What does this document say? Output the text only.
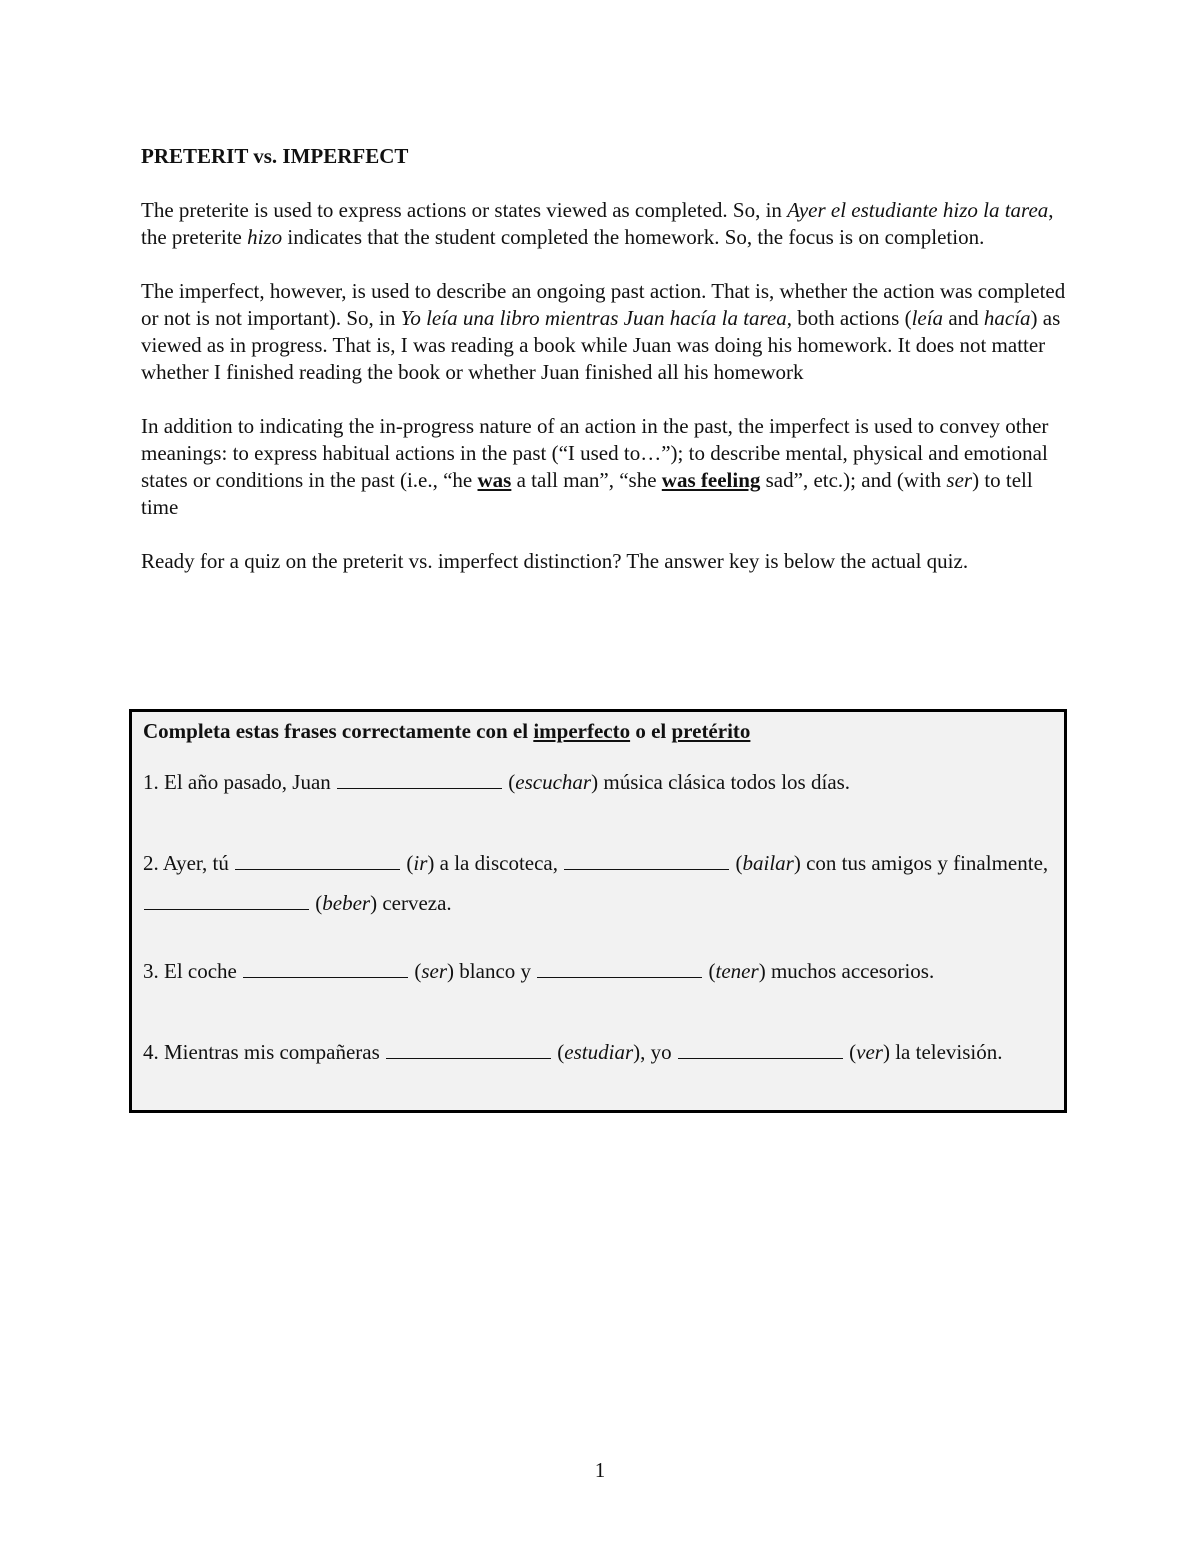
PRETERIT vs. IMPERFECT

The preterite is used to express actions or states viewed as completed. So, in Ayer el estudiante hizo la tarea, the preterite hizo indicates that the student completed the homework. So, the focus is on completion.

The imperfect, however, is used to describe an ongoing past action. That is, whether the action was completed or not is not important). So, in Yo leía una libro mientras Juan hacía la tarea, both actions (leía and hacía) as viewed as in progress. That is, I was reading a book while Juan was doing his homework. It does not matter whether I finished reading the book or whether Juan finished all his homework

In addition to indicating the in-progress nature of an action in the past, the imperfect is used to convey other meanings: to express habitual actions in the past (“I used to…”); to describe mental, physical and emotional states or conditions in the past (i.e., “he was a tall man”, “she was feeling sad”, etc.); and (with ser) to tell time

Ready for a quiz on the preterit vs. imperfect distinction? The answer key is below the actual quiz.

Completa estas frases correctamente con el imperfecto o el pretérito
1. El año pasado, Juan	(escuchar) música clásica todos los días.
2. Ayer, tú	(ir) a la discoteca,	(bailar) con tus amigos y finalmente,  (beber) cerveza.
3. El coche	(ser) blanco y	(tener) muchos accesorios.
4. Mientras mis compañeras	(estudiar), yo	(ver) la televisión.
1
